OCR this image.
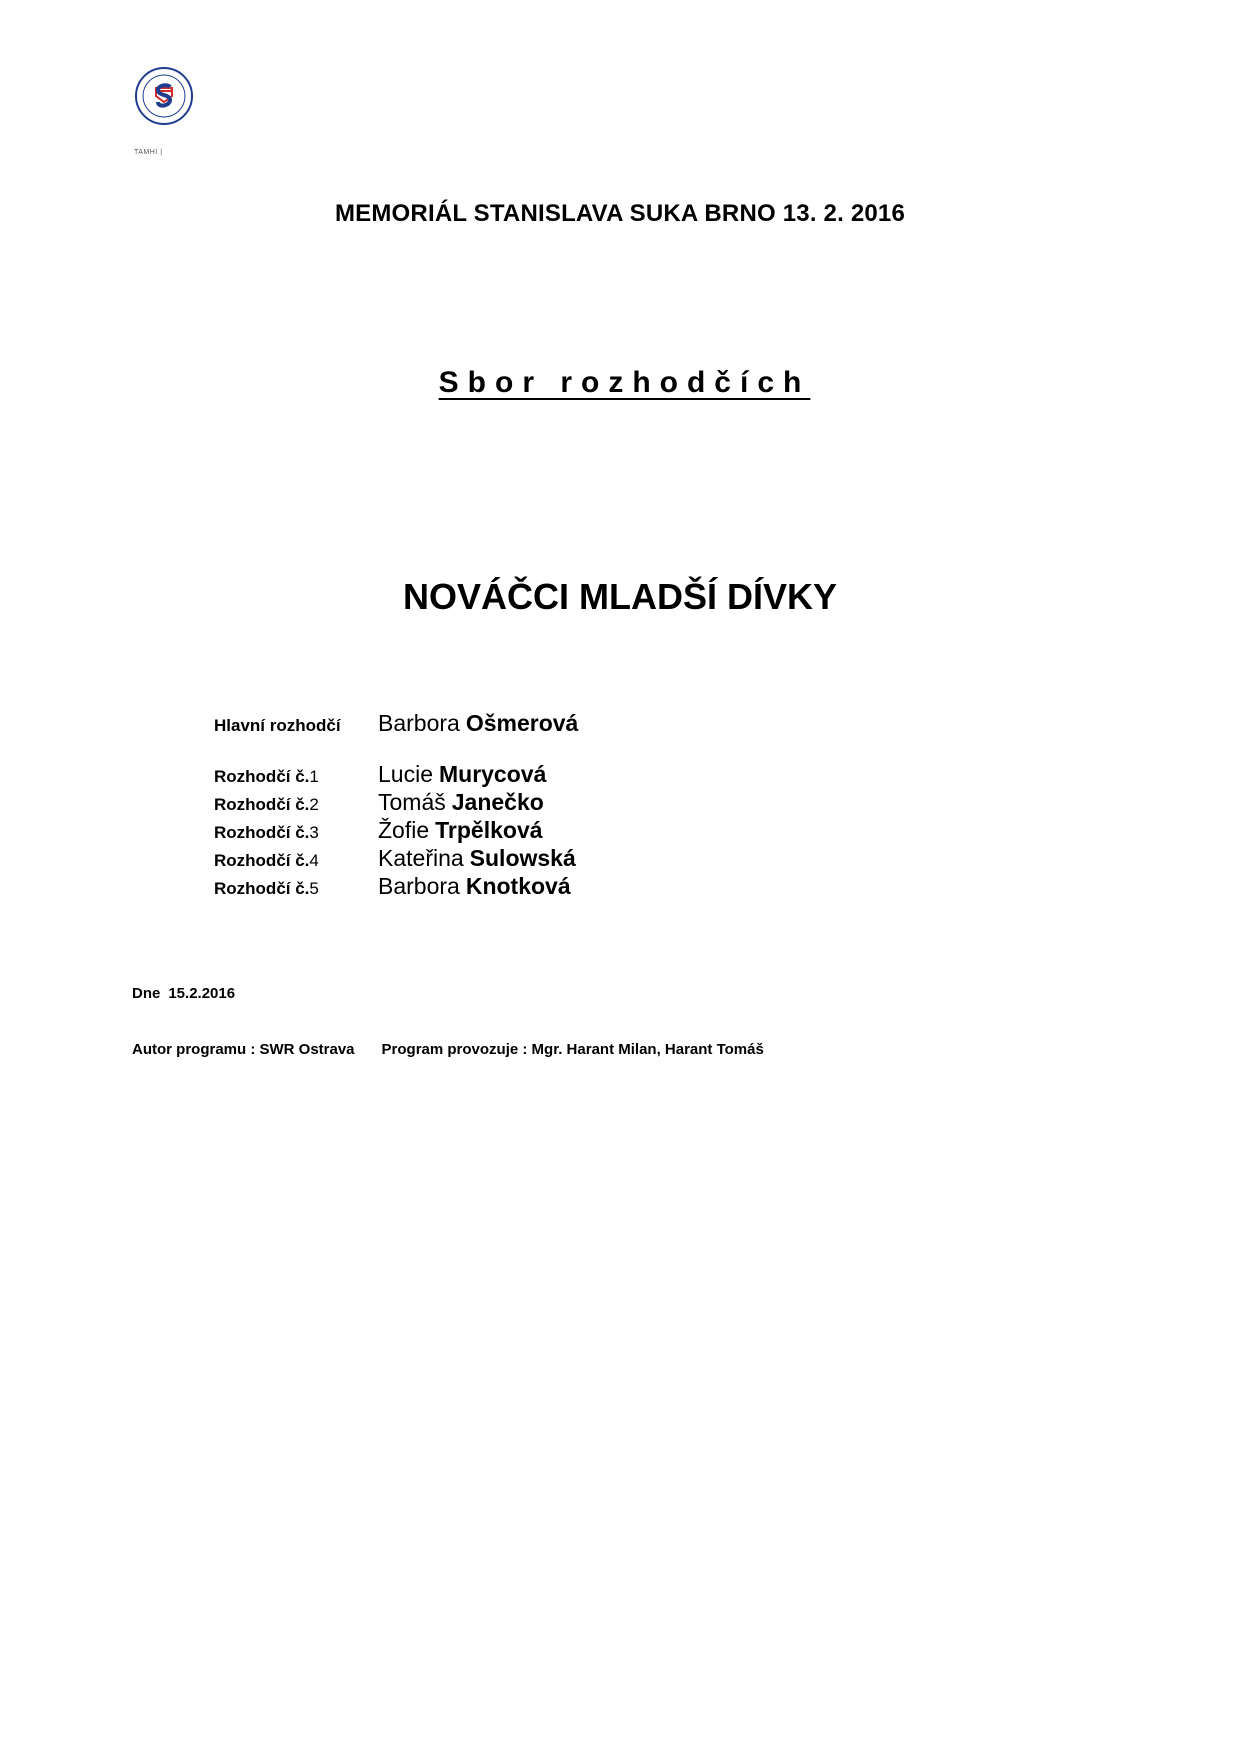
TAMHI |
MEMORIÁL STANISLAVA SUKA BRNO 13. 2. 2016
Sbor rozhodčích
NOVÁČCI MLADŠÍ DÍVKY
Hlavní rozhodčí	Barbora Ošmerová
Rozhodčí č.1	Lucie Murycová
Rozhodčí č.2	Tomáš Janečko
Rozhodčí č.3	Žofie Trpělková
Rozhodčí č.4	Kateřina Sulowská
Rozhodčí č.5	Barbora Knotková
Dne 15.2.2016
Autor programu : SWR Ostrava Program provozuje : Mgr. Harant Milan, Harant Tomáš
